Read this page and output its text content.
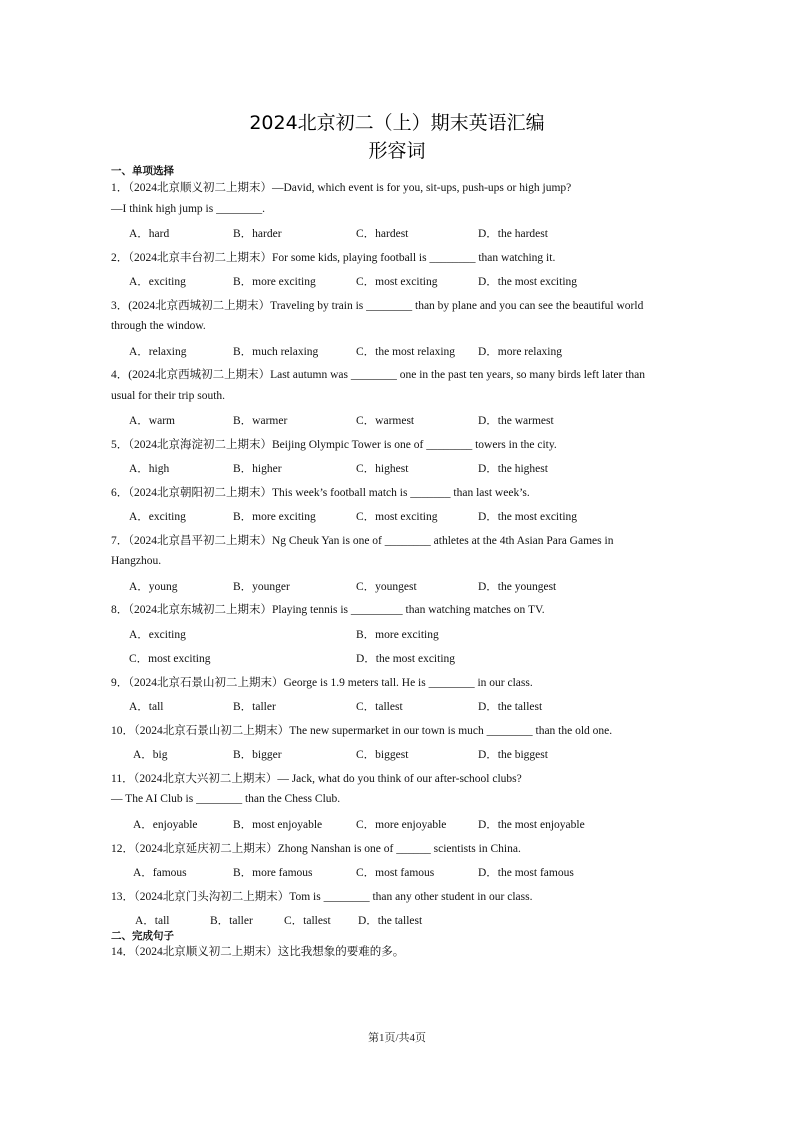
2024北京初二（上）期末英语汇编
形容词
一、单项选择
1．（2024北京顺义初二上期末）—David, which event is for you, sit-ups, push-ups or high jump?
—I think high jump is ________.
A．hard	B．harder	C．hardest	D．the hardest
2．（2024北京丰台初二上期末）For some kids, playing football is ________ than watching it.
A．exciting	B．more exciting	C．most exciting	D．the most exciting
3．(2024北京西城初二上期末）Traveling by train is ________ than by plane and you can see the beautiful world
through the window.
A．relaxing	B．much relaxing	C．the most relaxing D．more relaxing
4．(2024北京西城初二上期末）Last autumn was ________ one in the past ten years, so many birds left later than
usual for their trip south.
A．warm	B．warmer	C．warmest	D．the warmest
5．（2024北京海淀初二上期末）Beijing Olympic Tower is one of ________ towers in the city.
A．high	B．higher	C．highest	D．the highest
6．（2024北京朝阳初二上期末）This week’s football match is _______ than last week’s.
A．exciting	B．more exciting	C．most exciting	D．the most exciting
7．（2024北京昌平初二上期末）Ng Cheuk Yan is one of ________ athletes at the 4th Asian Para Games in
Hangzhou.
A．young	B．younger	C．youngest	D．the youngest
8．（2024北京东城初二上期末）Playing tennis is _________ than watching matches on TV.
A．exciting	B．more exciting
C．most exciting	D．the most exciting
9．（2024北京石景山初二上期末）George is 1.9 meters tall. He is ________ in our class.
A．tall	B．taller	C．tallest	D．the tallest
10．（2024北京石景山初二上期末）The new supermarket in our town is much ________ than the old one.
A．big	B．bigger	C．biggest	D．the biggest
11．（2024北京大兴初二上期末）— Jack, what do you think of our after-school clubs?
— The AI Club is ________ than the Chess Club.
A．enjoyable	B．most enjoyable	C．more enjoyable	D．the most enjoyable
12．（2024北京延庆初二上期末）Zhong Nanshan is one of ______ scientists in China.
A．famous	B．more famous	C．most famous	D．the most famous
13．（2024北京门头沟初二上期末）Tom is ________ than any other student in our class.
A．tall	B．taller	C．tallest D．the tallest
二、完成句子
14．（2024北京顺义初二上期末）这比我想象的要难的多。
第1页/共4页
